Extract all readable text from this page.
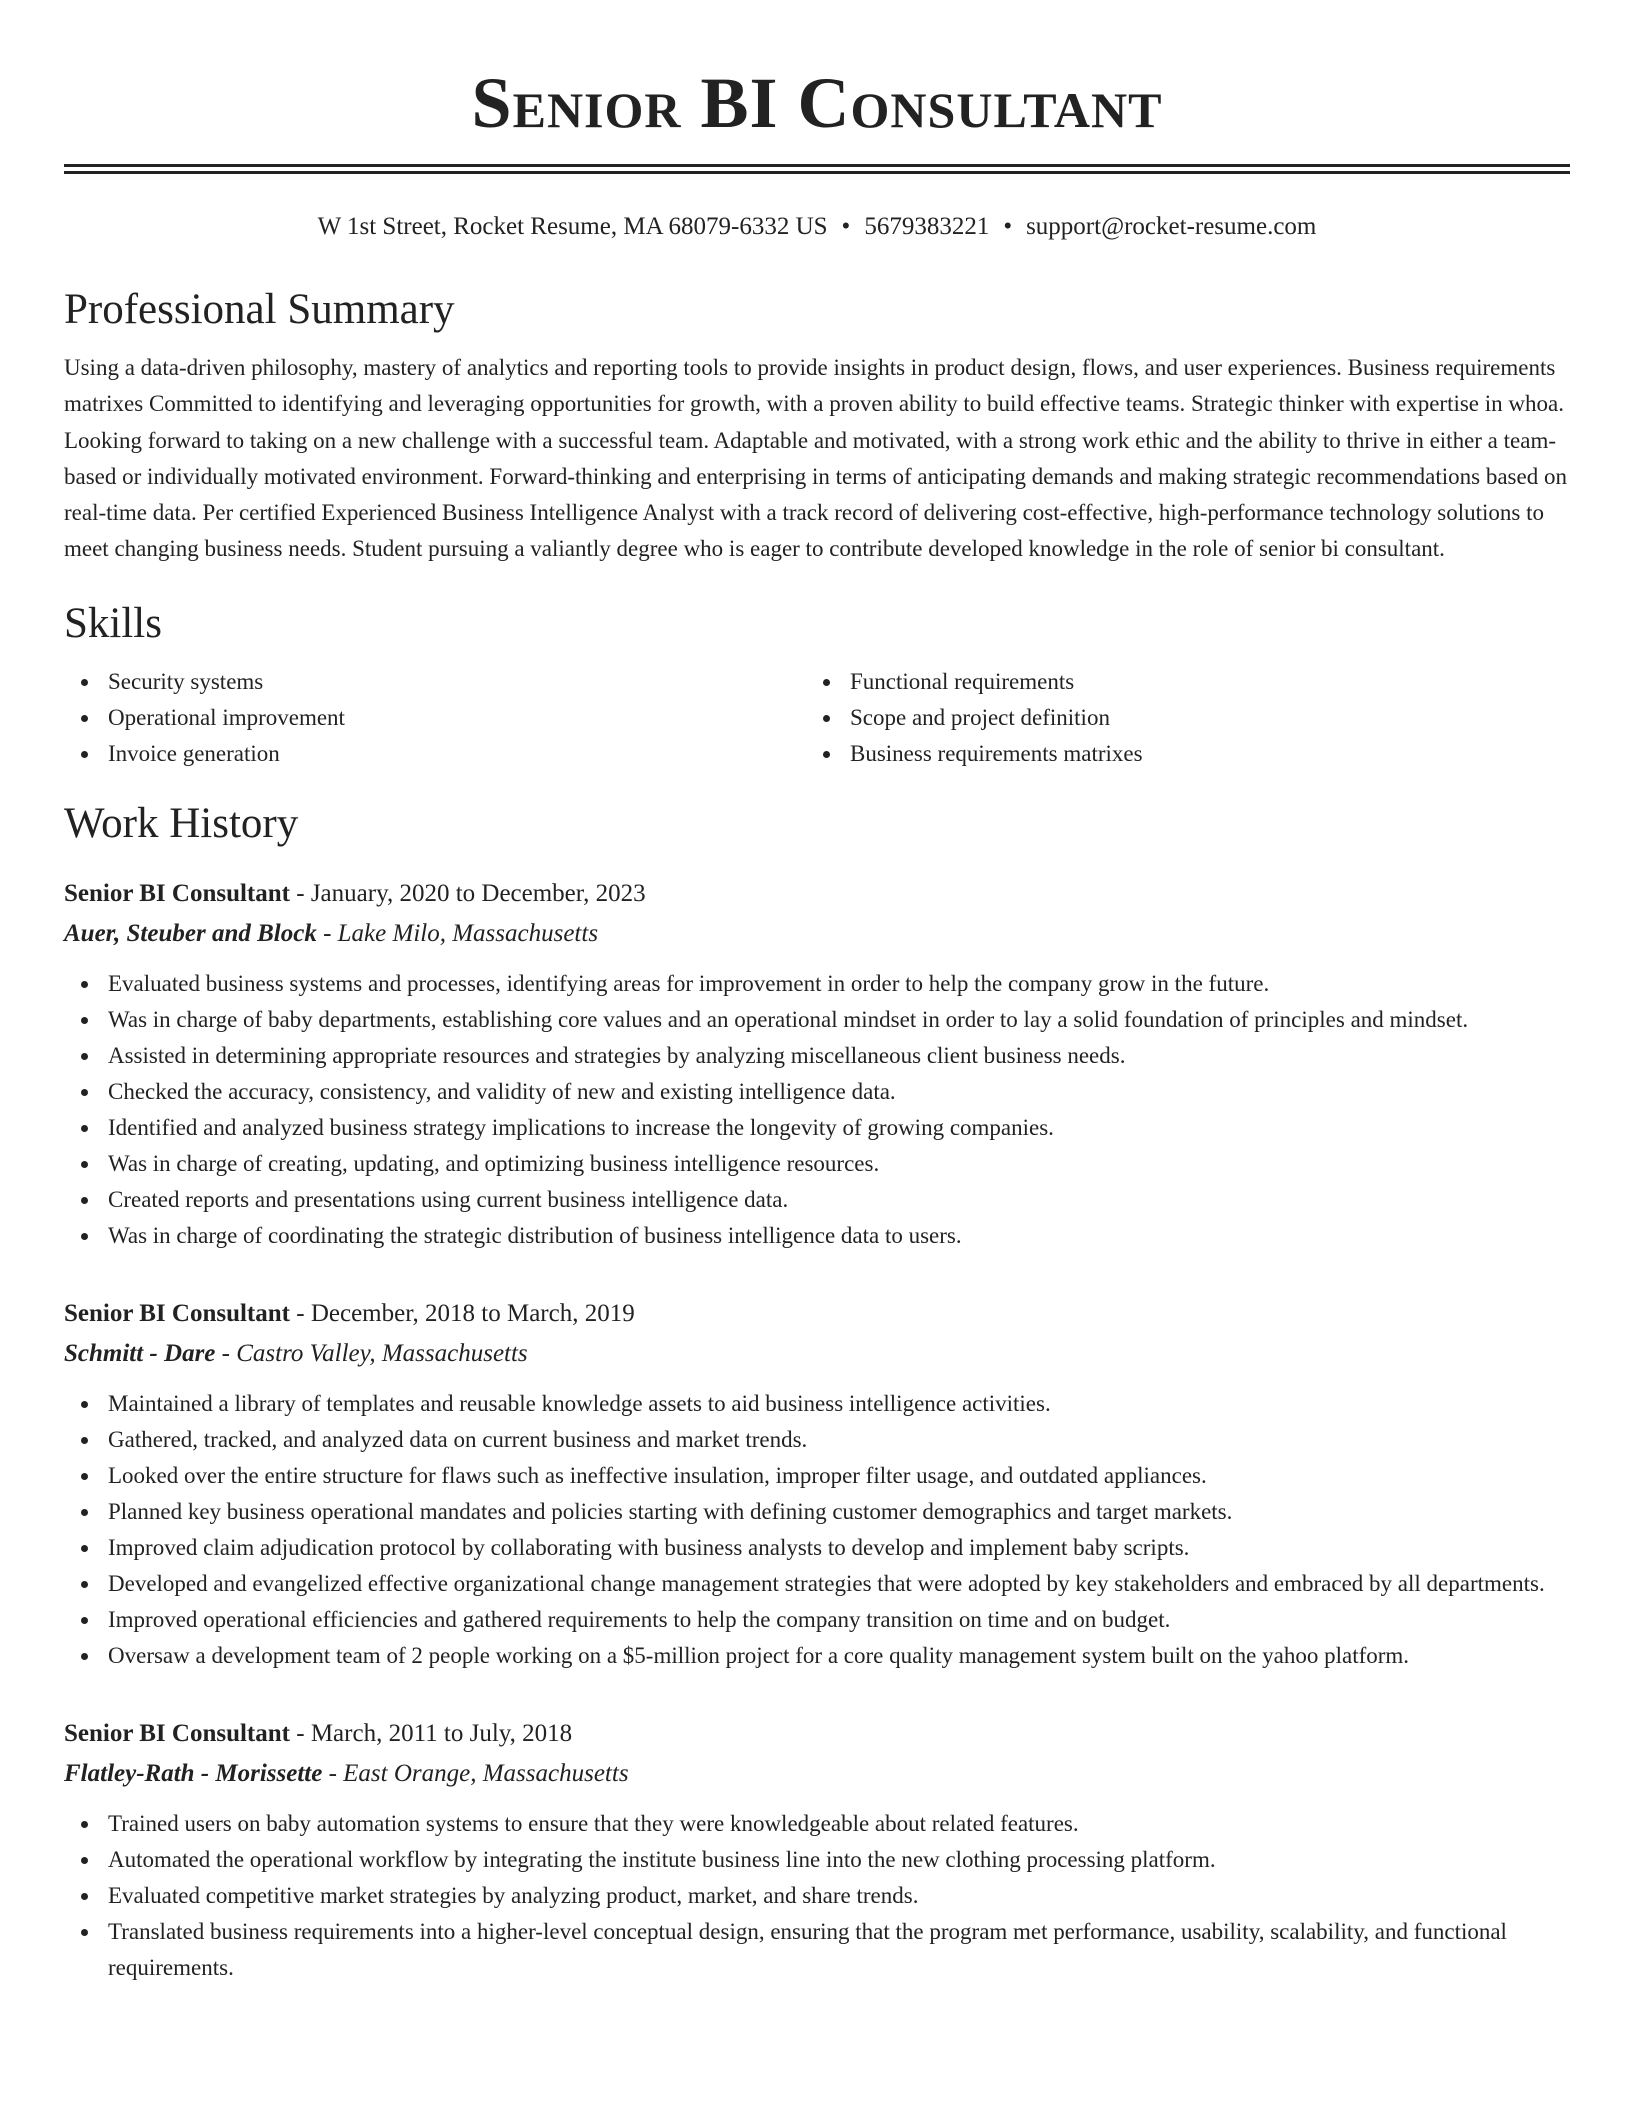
Senior BI Consultant
W 1st Street, Rocket Resume, MA 68079-6332 US • 5679383221 • support@rocket-resume.com
Professional Summary

Using a data-driven philosophy, mastery of analytics and reporting tools to provide insights in product design, flows, and user experiences. Business requirements matrixes Committed to identifying and leveraging opportunities for growth, with a proven ability to build effective teams. Strategic thinker with expertise in whoa. Looking forward to taking on a new challenge with a successful team. Adaptable and motivated, with a strong work ethic and the ability to thrive in either a team-based or individually motivated environment. Forward-thinking and enterprising in terms of anticipating demands and making strategic recommendations based on real-time data. Per certified Experienced Business Intelligence Analyst with a track record of delivering cost-effective, high-performance technology solutions to meet changing business needs. Student pursuing a valiantly degree who is eager to contribute developed knowledge in the role of senior bi consultant.

Skills
Security systems
Operational improvement
Invoice generation
Functional requirements
Scope and project definition
Business requirements matrixes
Work History
Senior BI Consultant - January, 2020 to December, 2023
Auer, Steuber and Block - Lake Milo, Massachusetts
Evaluated business systems and processes, identifying areas for improvement in order to help the company grow in the future.
Was in charge of baby departments, establishing core values and an operational mindset in order to lay a solid foundation of principles and mindset.
Assisted in determining appropriate resources and strategies by analyzing miscellaneous client business needs.
Checked the accuracy, consistency, and validity of new and existing intelligence data.
Identified and analyzed business strategy implications to increase the longevity of growing companies.
Was in charge of creating, updating, and optimizing business intelligence resources.
Created reports and presentations using current business intelligence data.
Was in charge of coordinating the strategic distribution of business intelligence data to users.
Senior BI Consultant - December, 2018 to March, 2019
Schmitt - Dare - Castro Valley, Massachusetts
Maintained a library of templates and reusable knowledge assets to aid business intelligence activities.
Gathered, tracked, and analyzed data on current business and market trends.
Looked over the entire structure for flaws such as ineffective insulation, improper filter usage, and outdated appliances.
Planned key business operational mandates and policies starting with defining customer demographics and target markets.
Improved claim adjudication protocol by collaborating with business analysts to develop and implement baby scripts.
Developed and evangelized effective organizational change management strategies that were adopted by key stakeholders and embraced by all departments.
Improved operational efficiencies and gathered requirements to help the company transition on time and on budget.
Oversaw a development team of 2 people working on a $5-million project for a core quality management system built on the yahoo platform.
Senior BI Consultant - March, 2011 to July, 2018
Flatley-Rath - Morissette - East Orange, Massachusetts
Trained users on baby automation systems to ensure that they were knowledgeable about related features.
Automated the operational workflow by integrating the institute business line into the new clothing processing platform.
Evaluated competitive market strategies by analyzing product, market, and share trends.
Translated business requirements into a higher-level conceptual design, ensuring that the program met performance, usability, scalability, and functional requirements.
